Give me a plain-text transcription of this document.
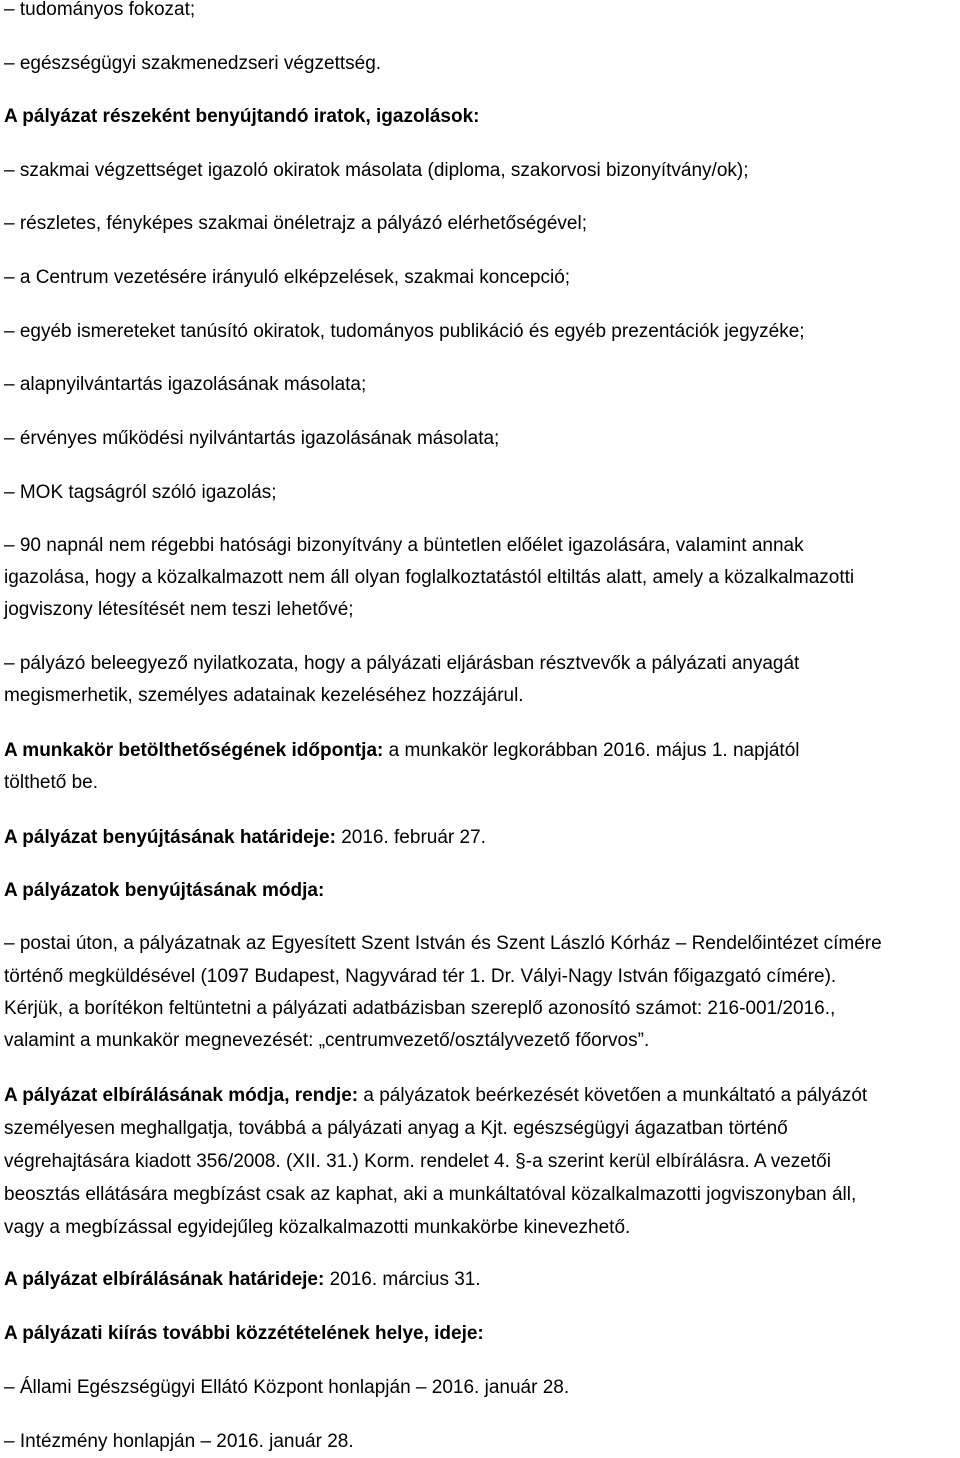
– tudományos fokozat;
– egészségügyi szakmenedzseri végzettség.
A pályázat részeként benyújtandó iratok, igazolások:
– szakmai végzettséget igazoló okiratok másolata (diploma, szakorvosi bizonyítvány/ok);
– részletes, fényképes szakmai önéletrajz a pályázó elérhetőségével;
– a Centrum vezetésére irányuló elképzelések, szakmai koncepció;
– egyéb ismereteket tanúsító okiratok, tudományos publikáció és egyéb prezentációk jegyzéke;
– alapnyilvántartás igazolásának másolata;
– érvényes működési nyilvántartás igazolásának másolata;
– MOK tagságról szóló igazolás;
– 90 napnál nem régebbi hatósági bizonyítvány a büntetlen előélet igazolására, valamint annak
igazolása, hogy a közalkalmazott nem áll olyan foglalkoztatástól eltiltás alatt, amely a közalkalmazotti
jogviszony létesítését nem teszi lehetővé;
– pályázó beleegyező nyilatkozata, hogy a pályázati eljárásban résztvevők a pályázati anyagát
megismerhetik, személyes adatainak kezeléséhez hozzájárul.
A munkakör betölthetőségének időpontja: a munkakör legkorábban 2016. május 1. napjától
tölthető be.
A pályázat benyújtásának határideje: 2016. február 27.
A pályázatok benyújtásának módja:
– postai úton, a pályázatnak az Egyesített Szent István és Szent László Kórház – Rendelőintézet címére
történő megküldésével (1097 Budapest, Nagyvárad tér 1. Dr. Vályi-Nagy István főigazgató címére).
Kérjük, a borítékon feltüntetni a pályázati adatbázisban szereplő azonosító számot: 216-001/2016.,
valamint a munkakör megnevezését: „centrumvezető/osztályvezető főorvos”.
A pályázat elbírálásának módja, rendje: a pályázatok beérkezését követően a munkáltató a pályázót
személyesen meghallgatja, továbbá a pályázati anyag a Kjt. egészségügyi ágazatban történő
végrehajtására kiadott 356/2008. (XII. 31.) Korm. rendelet 4. §-a szerint kerül elbírálásra. A vezetői
beosztás ellátására megbízást csak az kaphat, aki a munkáltatóval közalkalmazotti jogviszonyban áll,
vagy a megbízással egyidejűleg közalkalmazotti munkakörbe kinevezhető.
A pályázat elbírálásának határideje: 2016. március 31.
A pályázati kiírás további közzétételének helye, ideje:
– Állami Egészségügyi Ellátó Központ honlapján – 2016. január 28.
– Intézmény honlapján – 2016. január 28.
